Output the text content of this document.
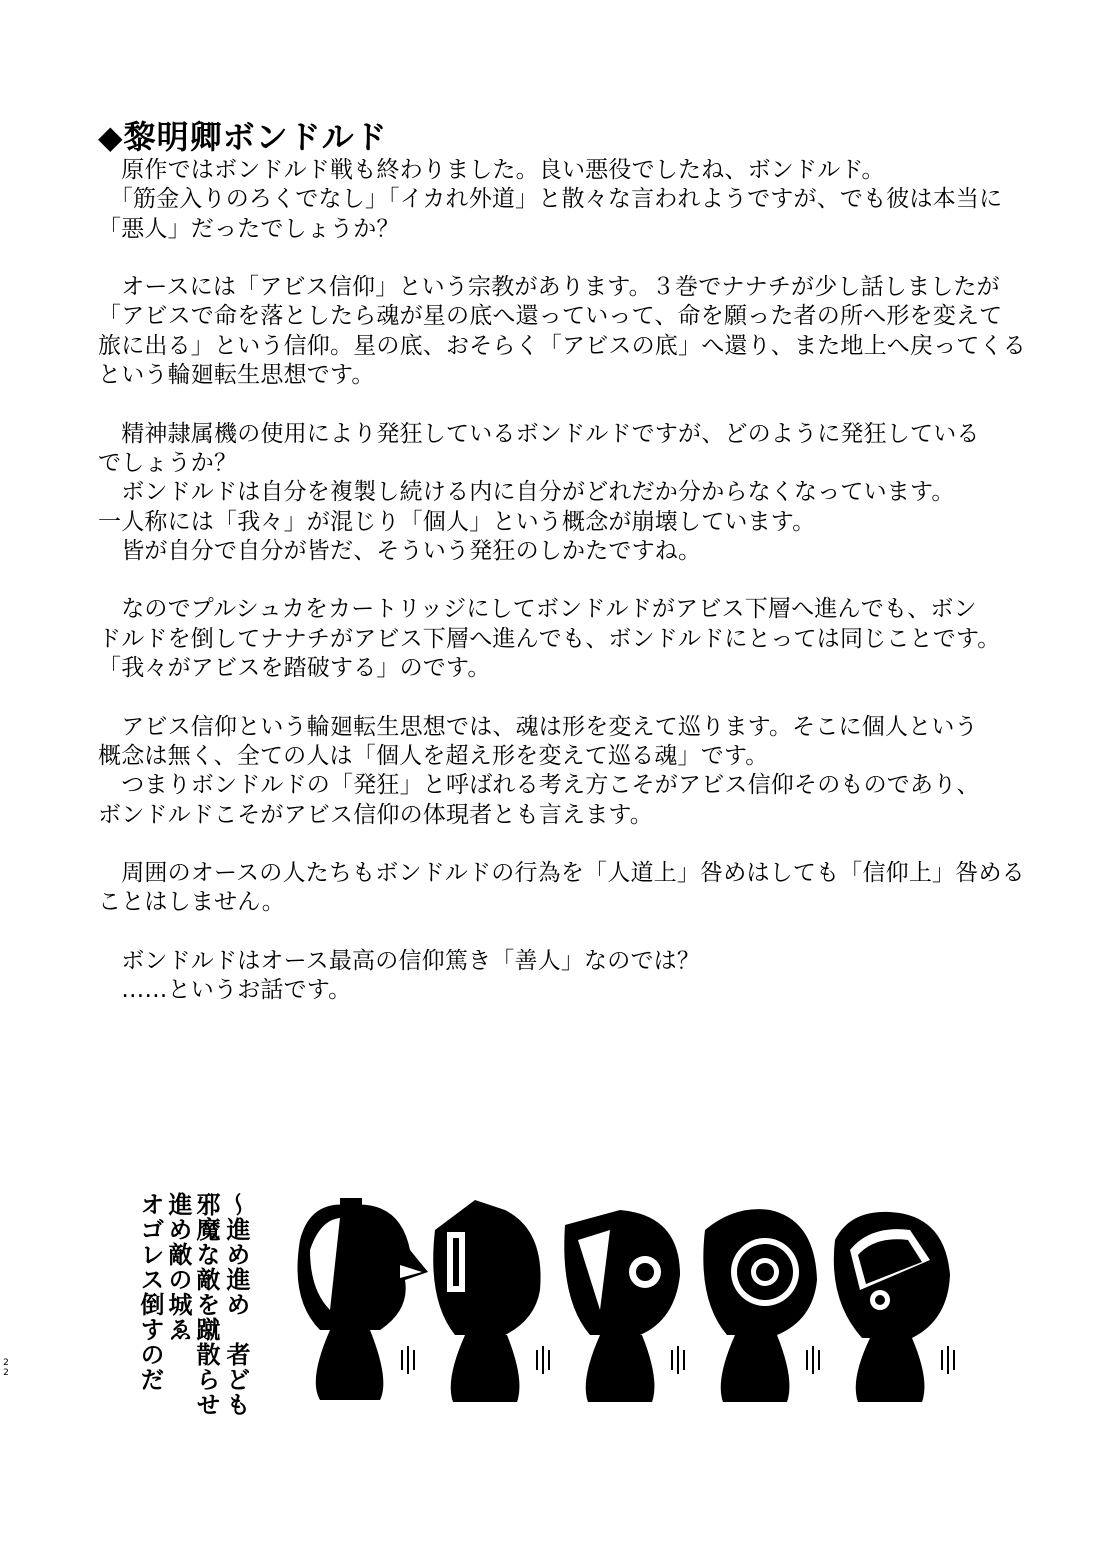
◆黎明卿ボンドルド
　原作ではボンドルド戦も終わりました。良い悪役でしたね、ボンドルド。
　「筋金入りのろくでなし」「イカれ外道」と散々な言われようですが、でも彼は本当に
「悪人」だったでしょうか？
　オースには「アビス信仰」という宗教があります。３巻でナナチが少し話しましたが
「アビスで命を落としたら魂が星の底へ還っていって、命を願った者の所へ形を変えて
旅に出る」という信仰。星の底、おそらく「アビスの底」へ還り、また地上へ戻ってくる
という輪廻転生思想です。
　精神隷属機の使用により発狂しているボンドルドですが、どのように発狂している
でしょうか？
　ボンドルドは自分を複製し続ける内に自分がどれだか分からなくなっています。
一人称には「我々」が混じり「個人」という概念が崩壊しています。
　皆が自分で自分が皆だ、そういう発狂のしかたですね。
　なのでプルシュカをカートリッジにしてボンドルドがアビス下層へ進んでも、ボン
ドルドを倒してナナチがアビス下層へ進んでも、ボンドルドにとっては同じことです。
「我々がアビスを踏破する」のです。
　アビス信仰という輪廻転生思想では、魂は形を変えて巡ります。そこに個人という
概念は無く、全ての人は「個人を超え形を変えて巡る魂」です。
　つまりボンドルドの「発狂」と呼ばれる考え方こそがアビス信仰そのものであり、
ボンドルドこそがアビス信仰の体現者とも言えます。
　周囲のオースの人たちもボンドルドの行為を「人道上」咎めはしても「信仰上」咎める
ことはしません。
　ボンドルドはオース最高の信仰篤き「善人」なのでは？
　……というお話です。
〜進め進め　者ども
邪魔な敵を蹴散らせ
進め敵の城ゑ
オゴレス倒すのだ
22
